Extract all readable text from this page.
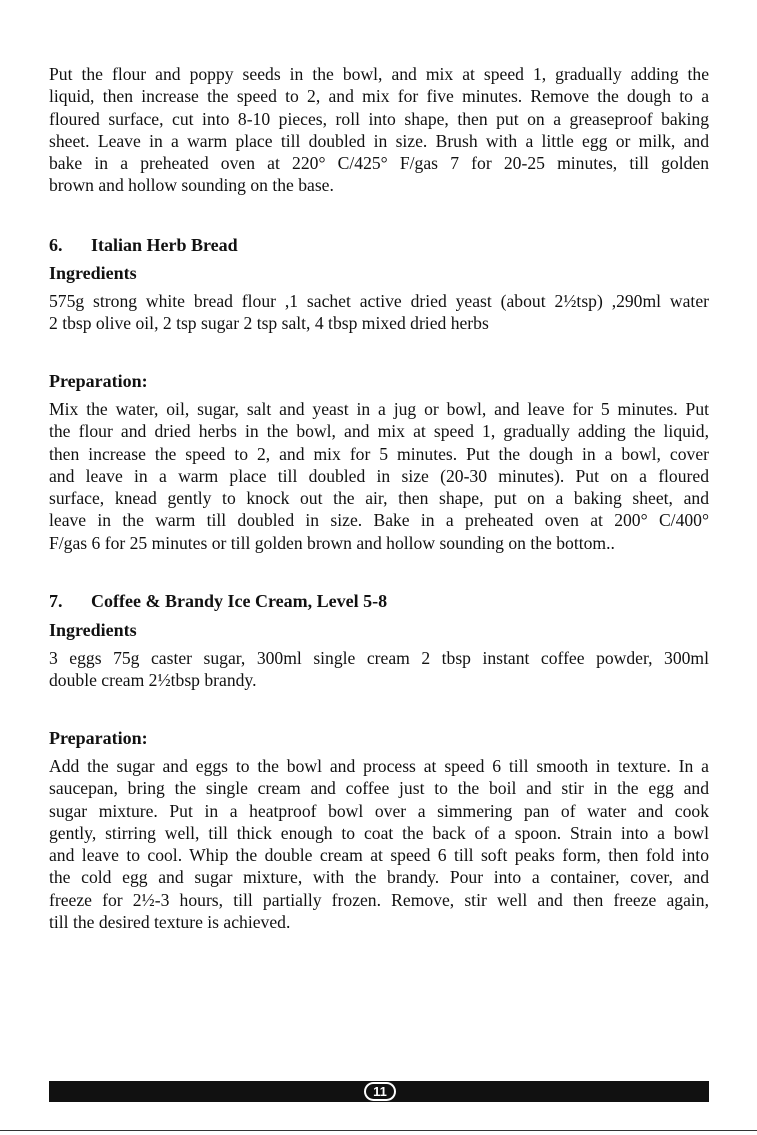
Put the flour and poppy seeds in the bowl, and mix at speed 1, gradually adding the
liquid, then increase the speed to 2, and mix for five minutes. Remove the dough to a
floured surface, cut into 8-10 pieces, roll into shape, then put on a greaseproof baking
sheet. Leave in a warm place till doubled in size. Brush with a little egg or milk, and
bake in a preheated oven at 220° C/425° F/gas 7 for 20-25 minutes, till golden
brown and hollow sounding on the base.

6. Italian Herb Bread
Ingredients

575g strong white bread flour ,1 sachet active dried yeast (about 2½tsp) ,290ml water
2 tbsp olive oil, 2 tsp sugar 2 tsp salt, 4 tbsp mixed dried herbs

Preparation:

Mix the water, oil, sugar, salt and yeast in a jug or bowl, and leave for 5 minutes. Put
the flour and dried herbs in the bowl, and mix at speed 1, gradually adding the liquid,
then increase the speed to 2, and mix for 5 minutes. Put the dough in a bowl, cover
and leave in a warm place till doubled in size (20-30 minutes). Put on a floured
surface, knead gently to knock out the air, then shape, put on a baking sheet, and
leave in the warm till doubled in size. Bake in a preheated oven at 200° C/400°
F/gas 6 for 25 minutes or till golden brown and hollow sounding on the bottom..

7. Coffee & Brandy Ice Cream, Level 5-8
Ingredients

3 eggs 75g caster sugar, 300ml single cream 2 tbsp instant coffee powder, 300ml
double cream 2½tbsp brandy.

Preparation:

Add the sugar and eggs to the bowl and process at speed 6 till smooth in texture. In a
saucepan, bring the single cream and coffee just to the boil and stir in the egg and
sugar mixture. Put in a heatproof bowl over a simmering pan of water and cook
gently, stirring well, till thick enough to coat the back of a spoon. Strain into a bowl
and leave to cool. Whip the double cream at speed 6 till soft peaks form, then fold into
the cold egg and sugar mixture, with the brandy. Pour into a container, cover, and
freeze for 2½-3 hours, till partially frozen. Remove, stir well and then freeze again,
till the desired texture is achieved.

11
